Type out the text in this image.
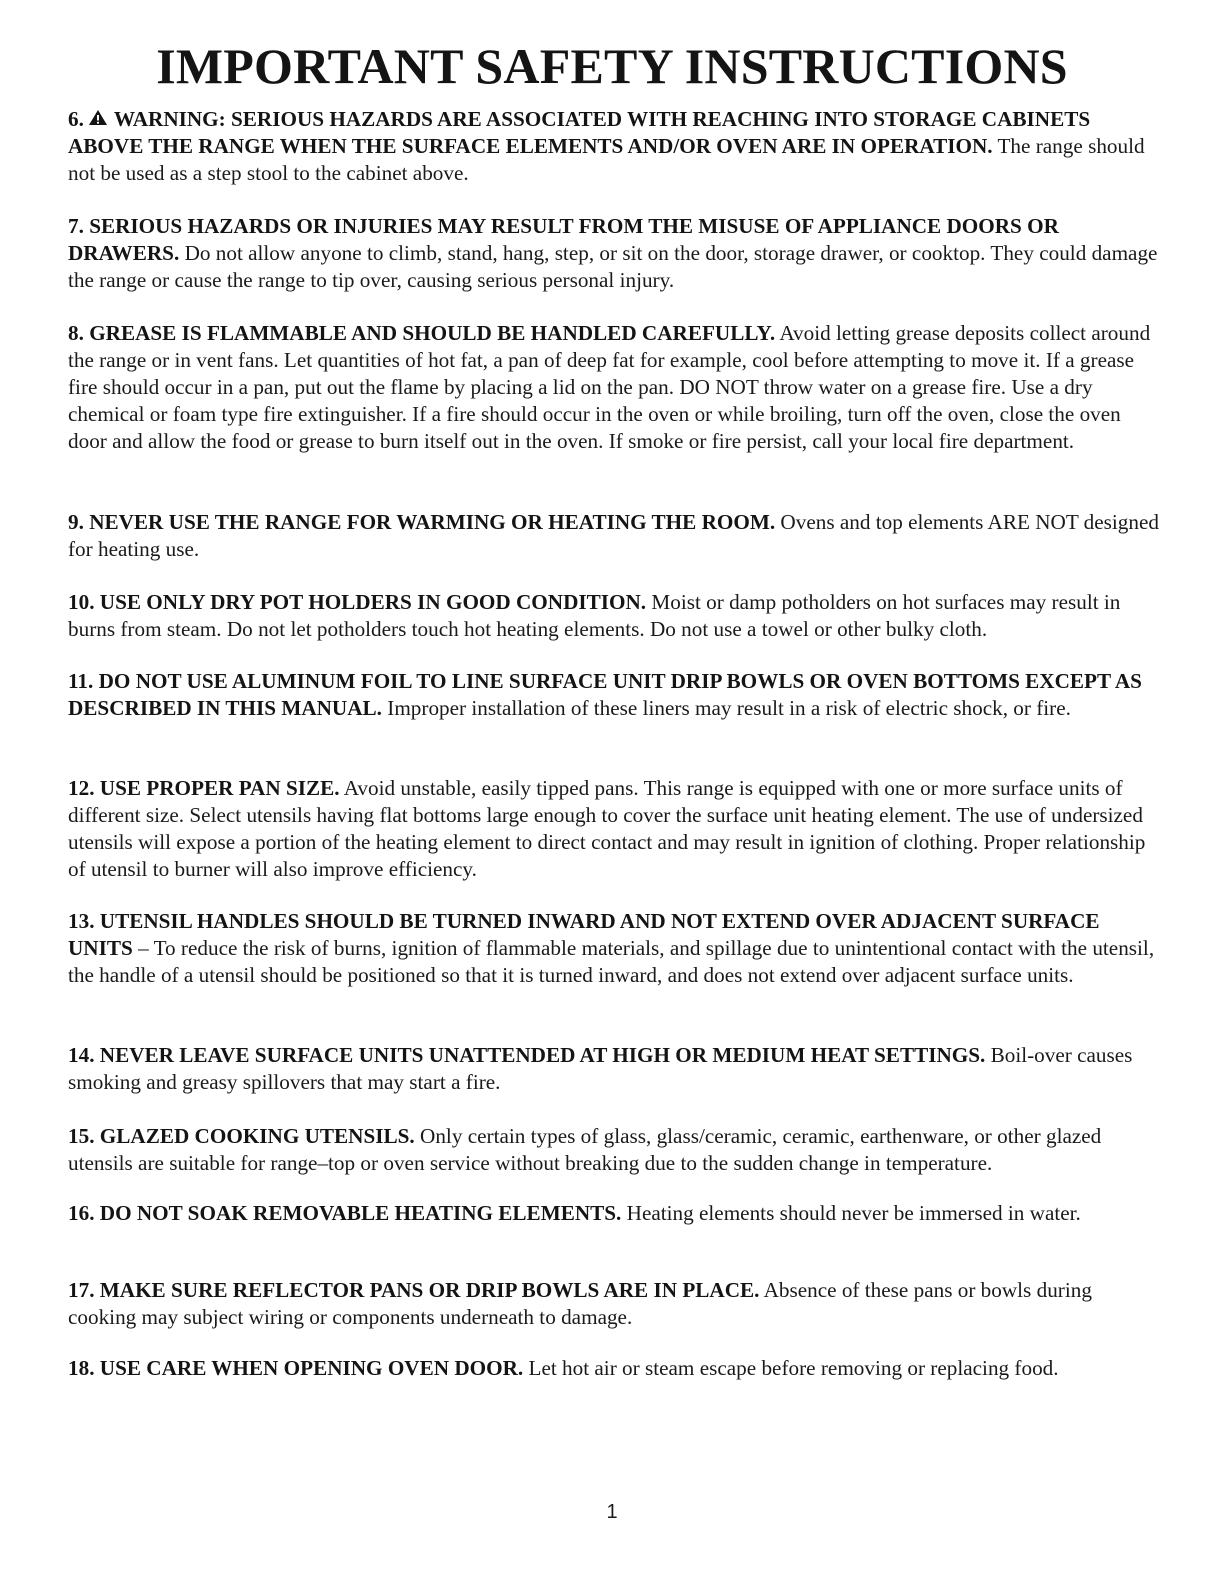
IMPORTANT SAFETY INSTRUCTIONS

6. WARNING: SERIOUS HAZARDS ARE ASSOCIATED WITH REACHING INTO STORAGE CABINETS ABOVE THE RANGE WHEN THE SURFACE ELEMENTS AND/OR OVEN ARE IN OPERATION. The range should not be used as a step stool to the cabinet above.

7. SERIOUS HAZARDS OR INJURIES MAY RESULT FROM THE MISUSE OF APPLIANCE DOORS OR DRAWERS. Do not allow anyone to climb, stand, hang, step, or sit on the door, storage drawer, or cooktop. They could damage the range or cause the range to tip over, causing serious personal injury.

8. GREASE IS FLAMMABLE AND SHOULD BE HANDLED CAREFULLY. Avoid letting grease deposits collect around the range or in vent fans. Let quantities of hot fat, a pan of deep fat for example, cool before attempting to move it. If a grease fire should occur in a pan, put out the flame by placing a lid on the pan. DO NOT throw water on a grease fire. Use a dry chemical or foam type fire extinguisher. If a fire should occur in the oven or while broiling, turn off the oven, close the oven door and allow the food or grease to burn itself out in the oven. If smoke or fire persist, call your local fire department.

9. NEVER USE THE RANGE FOR WARMING OR HEATING THE ROOM. Ovens and top elements ARE NOT designed for heating use.

10. USE ONLY DRY POT HOLDERS IN GOOD CONDITION. Moist or damp potholders on hot surfaces may result in burns from steam. Do not let potholders touch hot heating elements. Do not use a towel or other bulky cloth.

11. DO NOT USE ALUMINUM FOIL TO LINE SURFACE UNIT DRIP BOWLS OR OVEN BOTTOMS EXCEPT AS DESCRIBED IN THIS MANUAL. Improper installation of these liners may result in a risk of electric shock, or fire.

12. USE PROPER PAN SIZE. Avoid unstable, easily tipped pans. This range is equipped with one or more surface units of different size. Select utensils having flat bottoms large enough to cover the surface unit heating element. The use of undersized utensils will expose a portion of the heating element to direct contact and may result in ignition of clothing. Proper relationship of utensil to burner will also improve efficiency.

13. UTENSIL HANDLES SHOULD BE TURNED INWARD AND NOT EXTEND OVER ADJACENT SURFACE UNITS – To reduce the risk of burns, ignition of flammable materials, and spillage due to unintentional contact with the utensil, the handle of a utensil should be positioned so that it is turned inward, and does not extend over adjacent surface units.

14. NEVER LEAVE SURFACE UNITS UNATTENDED AT HIGH OR MEDIUM HEAT SETTINGS. Boil-over causes smoking and greasy spillovers that may start a fire.

15. GLAZED COOKING UTENSILS. Only certain types of glass, glass/ceramic, ceramic, earthenware, or other glazed utensils are suitable for range–top or oven service without breaking due to the sudden change in temperature.

16. DO NOT SOAK REMOVABLE HEATING ELEMENTS. Heating elements should never be immersed in water.

17. MAKE SURE REFLECTOR PANS OR DRIP BOWLS ARE IN PLACE. Absence of these pans or bowls during cooking may subject wiring or components underneath to damage.

18. USE CARE WHEN OPENING OVEN DOOR. Let hot air or steam escape before removing or replacing food.

1
